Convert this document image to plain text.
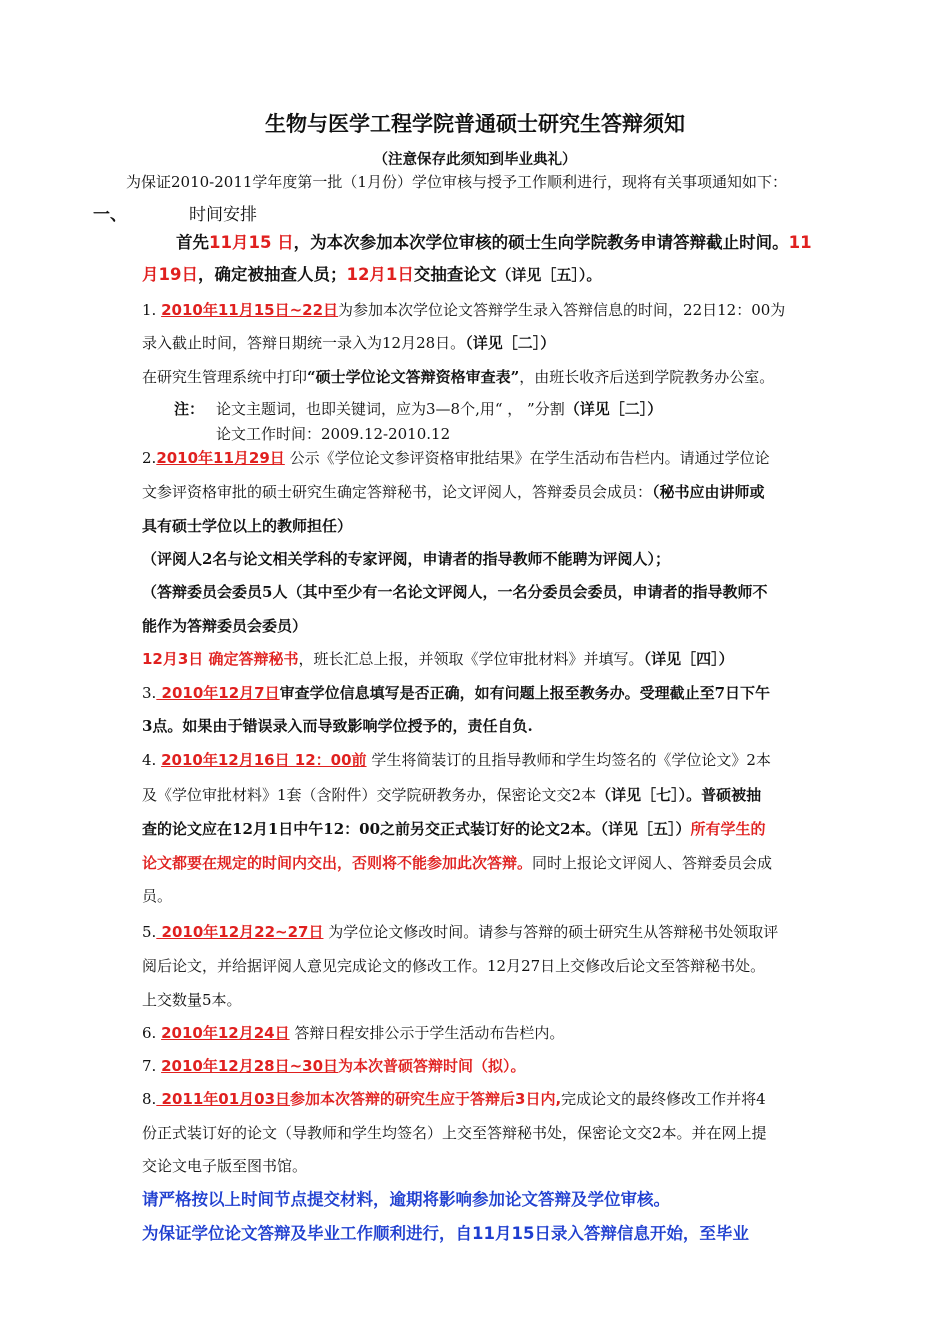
生物与医学工程学院普通硕士研究生答辩须知
（注意保存此须知到毕业典礼）
为保证2010-2011学年度第一批（1月份）学位审核与授予工作顺利进行，现将有关事项通知如下：
一、	时间安排
首先11月15 日，为本次参加本次学位审核的硕士生向学院教务申请答辩截止时间。11
月19日，确定被抽查人员；12月1日交抽查论文（详见［五］）。
1. 2010年11月15日~22日为参加本次学位论文答辩学生录入答辩信息的时间，22日12：00为
录入截止时间，答辩日期统一录入为12月28日。（详见［二］）
在研究生管理系统中打印“硕士学位论文答辩资格审查表”，由班长收齐后送到学院教务办公室。
注： 论文主题词，也即关键词，应为3—8个,用“ ， ”分割（详见［二］）
论文工作时间：2009.12-2010.12
2.2010年11月29日 公示《学位论文参评资格审批结果》在学生活动布告栏内。请通过学位论
文参评资格审批的硕士研究生确定答辩秘书，论文评阅人，答辩委员会成员：（秘书应由讲师或
具有硕士学位以上的教师担任）
（评阅人2名与论文相关学科的专家评阅，申请者的指导教师不能聘为评阅人）；
（答辩委员会委员5人（其中至少有一名论文评阅人，一名分委员会委员，申请者的指导教师不
能作为答辩委员会委员）
12月3日 确定答辩秘书，班长汇总上报，并领取《学位审批材料》并填写。（详见［四］）
3. 2010年12月7日审查学位信息填写是否正确，如有问题上报至教务办。受理截止至7日下午
3点。如果由于错误录入而导致影响学位授予的，责任自负.
4. 2010年12月16日 12：00前 学生将简装订的且指导教师和学生均签名的《学位论文》2本
及《学位审批材料》1套（含附件）交学院研教务办，保密论文交2本（详见［七］）。普硕被抽
查的论文应在12月1日中午12：00之前另交正式装订好的论文2本。（详见［五］）所有学生的
论文都要在规定的时间内交出，否则将不能参加此次答辩。同时上报论文评阅人、答辩委员会成
员。
5. 2010年12月22~27日 为学位论文修改时间。请参与答辩的硕士研究生从答辩秘书处领取评
阅后论文，并给据评阅人意见完成论文的修改工作。12月27日上交修改后论文至答辩秘书处。
上交数量5本。
6. 2010年12月24日 答辩日程安排公示于学生活动布告栏内。
7. 2010年12月28日~30日为本次普硕答辩时间（拟）。
8. 2011年01月03日参加本次答辩的研究生应于答辩后3日内,完成论文的最终修改工作并将4
份正式装订好的论文（导教师和学生均签名）上交至答辩秘书处，保密论文交2本。并在网上提
交论文电子版至图书馆。
请严格按以上时间节点提交材料，逾期将影响参加论文答辩及学位审核。
为保证学位论文答辩及毕业工作顺利进行，自11月15日录入答辩信息开始，至毕业
